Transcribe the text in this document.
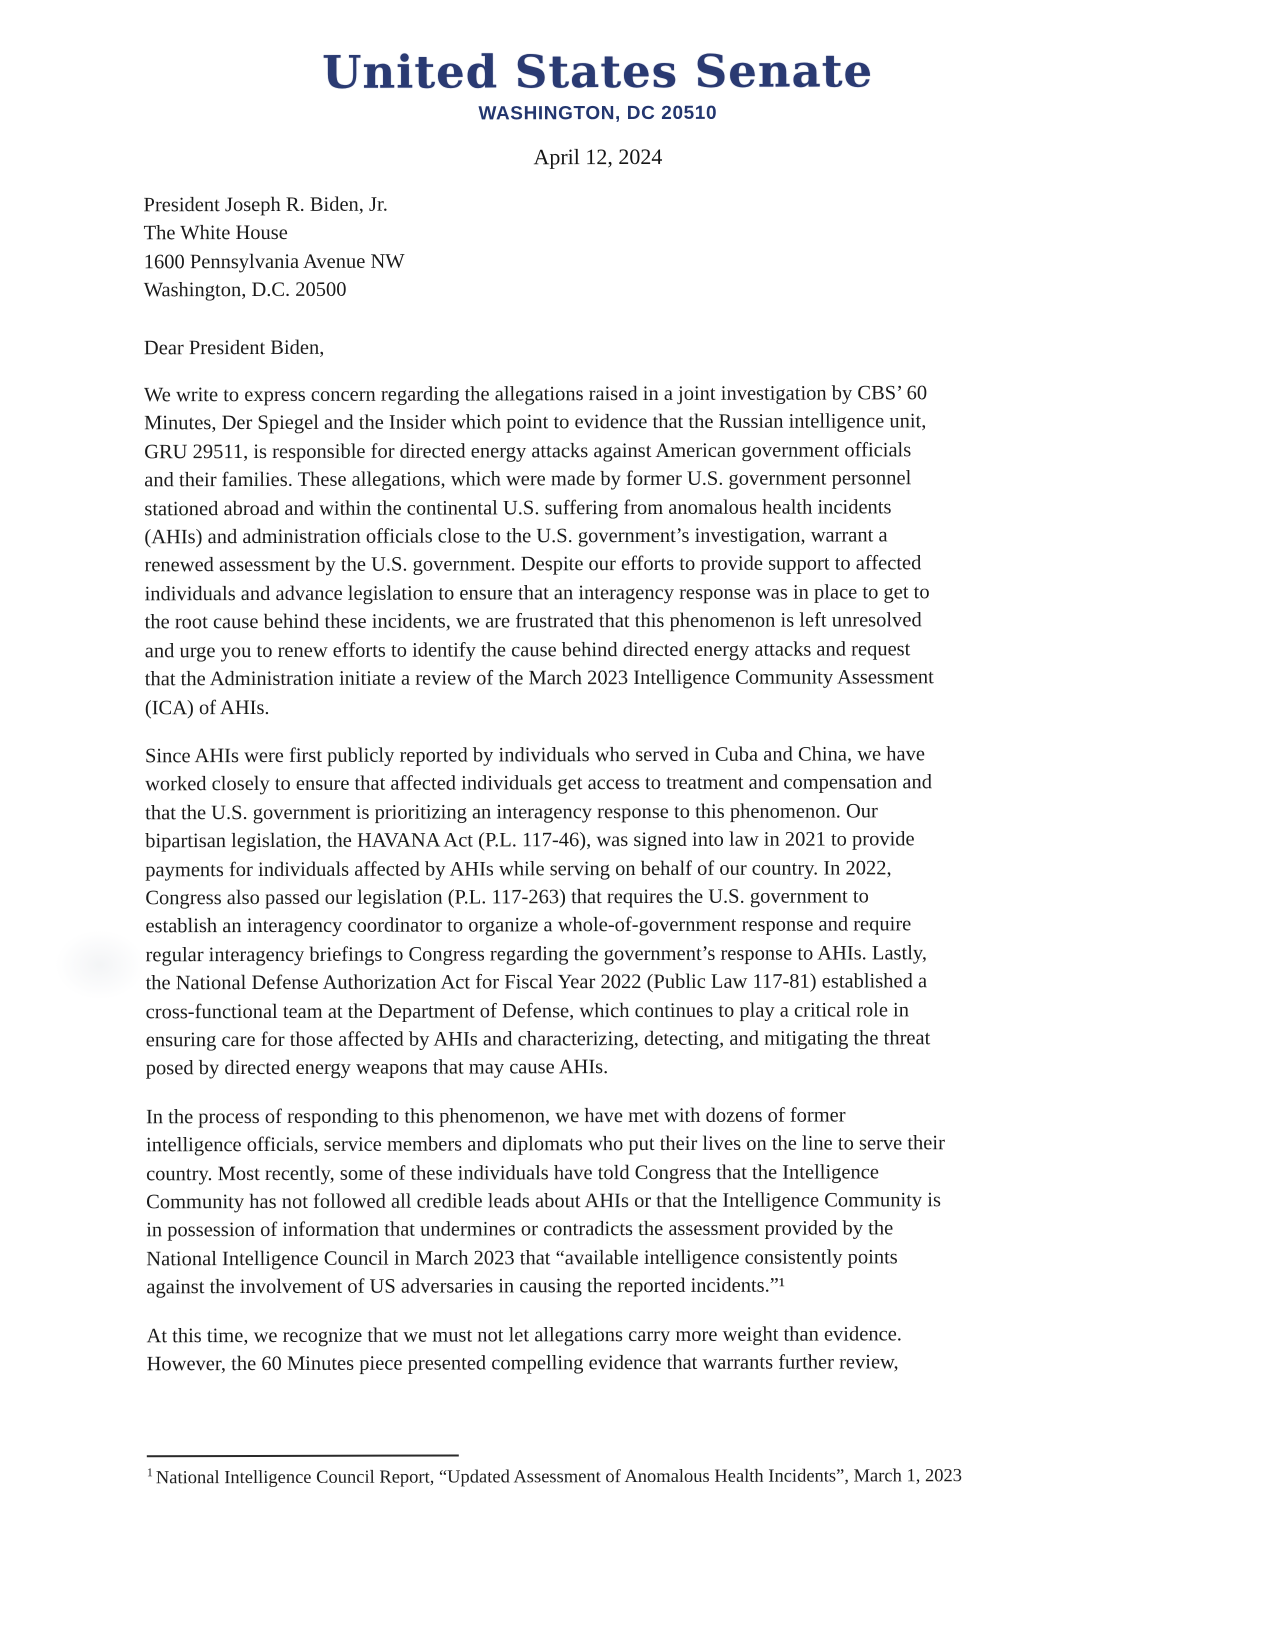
United States Senate
WASHINGTON, DC 20510
April 12, 2024
President Joseph R. Biden, Jr.
The White House
1600 Pennsylvania Avenue NW
Washington, D.C. 20500
Dear President Biden,

We write to express concern regarding the allegations raised in a joint investigation by CBS’ 60
Minutes, Der Spiegel and the Insider which point to evidence that the Russian intelligence unit,
GRU 29511, is responsible for directed energy attacks against American government officials
and their families. These allegations, which were made by former U.S. government personnel
stationed abroad and within the continental U.S. suffering from anomalous health incidents
(AHIs) and administration officials close to the U.S. government’s investigation, warrant a
renewed assessment by the U.S. government. Despite our efforts to provide support to affected
individuals and advance legislation to ensure that an interagency response was in place to get to
the root cause behind these incidents, we are frustrated that this phenomenon is left unresolved
and urge you to renew efforts to identify the cause behind directed energy attacks and request
that the Administration initiate a review of the March 2023 Intelligence Community Assessment
(ICA) of AHIs.

Since AHIs were first publicly reported by individuals who served in Cuba and China, we have
worked closely to ensure that affected individuals get access to treatment and compensation and
that the U.S. government is prioritizing an interagency response to this phenomenon. Our
bipartisan legislation, the HAVANA Act (P.L. 117-46), was signed into law in 2021 to provide
payments for individuals affected by AHIs while serving on behalf of our country. In 2022,
Congress also passed our legislation (P.L. 117-263) that requires the U.S. government to
establish an interagency coordinator to organize a whole-of-government response and require
regular interagency briefings to Congress regarding the government’s response to AHIs. Lastly,
the National Defense Authorization Act for Fiscal Year 2022 (Public Law 117-81) established a
cross-functional team at the Department of Defense, which continues to play a critical role in
ensuring care for those affected by AHIs and characterizing, detecting, and mitigating the threat
posed by directed energy weapons that may cause AHIs.

In the process of responding to this phenomenon, we have met with dozens of former
intelligence officials, service members and diplomats who put their lives on the line to serve their
country. Most recently, some of these individuals have told Congress that the Intelligence
Community has not followed all credible leads about AHIs or that the Intelligence Community is
in possession of information that undermines or contradicts the assessment provided by the
National Intelligence Council in March 2023 that “available intelligence consistently points
against the involvement of US adversaries in causing the reported incidents.”¹

At this time, we recognize that we must not let allegations carry more weight than evidence.
However, the 60 Minutes piece presented compelling evidence that warrants further review,

$^1$ National Intelligence Council Report, “Updated Assessment of Anomalous Health Incidents”, March 1, 2023
